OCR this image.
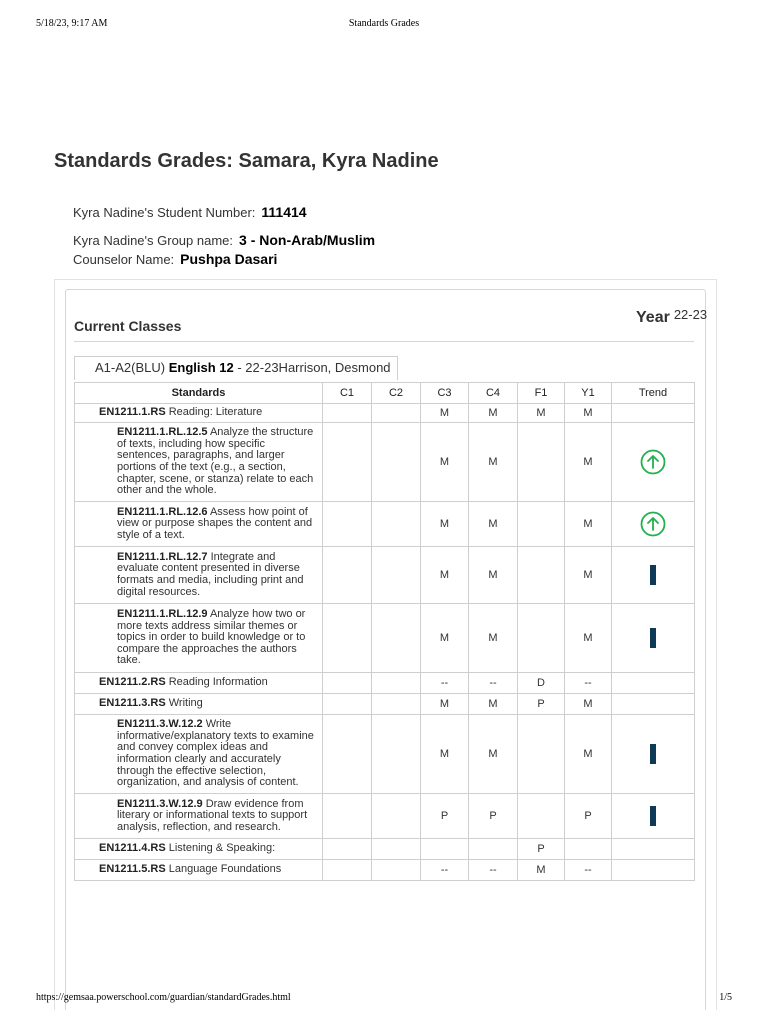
5/18/23, 9:17 AM	Standards Grades
Standards Grades: Samara, Kyra Nadine
Kyra Nadine's Student Number: 111414
Kyra Nadine's Group name: 3 - Non-Arab/Muslim
Counselor Name: Pushpa Dasari
Current Classes	Year 22-23
A1-A2(BLU) English 12 - 22-23Harrison, Desmond
Standards	C1	C2	C3	C4	F1	Y1	Trend
EN1211.1.RS Reading: Literature			M	M	M	M	
EN1211.1.RL.12.5 Analyze the structure of texts, including how specific sentences, paragraphs, and larger portions of the text (e.g., a section, chapter, scene, or stanza) relate to each other and the whole.			M	M		M	
EN1211.1.RL.12.6 Assess how point of view or purpose shapes the content and style of a text.			M	M		M	
EN1211.1.RL.12.7 Integrate and evaluate content presented in diverse formats and media, including print and digital resources.			M	M		M	
EN1211.1.RL.12.9 Analyze how two or more texts address similar themes or topics in order to build knowledge or to compare the approaches the authors take.			M	M		M	
EN1211.2.RS Reading Information			--	--	D	--	
EN1211.3.RS Writing			M	M	P	M	
EN1211.3.W.12.2 Write informative/explanatory texts to examine and convey complex ideas and information clearly and accurately through the effective selection, organization, and analysis of content.			M	M		M	
EN1211.3.W.12.9 Draw evidence from literary or informational texts to support analysis, reflection, and research.			P	P		P	
EN1211.4.RS Listening & Speaking:					P		
EN1211.5.RS Language Foundations			--	--	M	--	
https://gemsaa.powerschool.com/guardian/standardGrades.html	1/5
